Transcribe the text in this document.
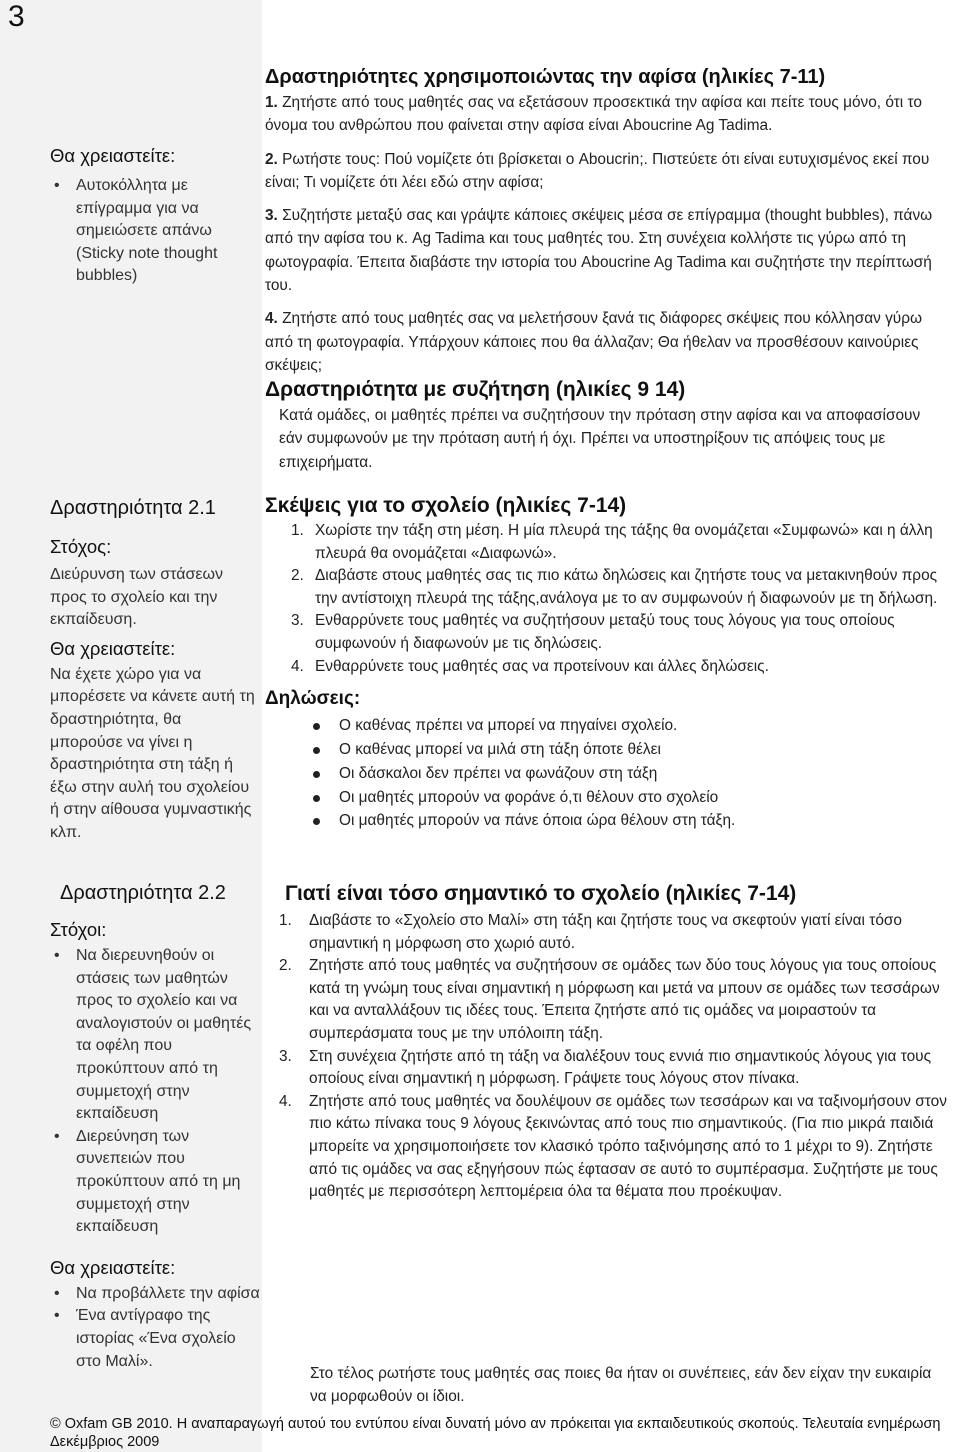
3
Θα χρειαστείτε:
• Αυτοκόλλητα με επίγραμμα για να σημειώσετε απάνω (Sticky note thought bubbles)
Δραστηριότητα 2.1
Στόχος:
Διεύρυνση των στάσεων προς το σχολείο και την εκπαίδευση.
Θα χρειαστείτε:
Να έχετε χώρο για να μπορέσετε να κάνετε αυτή τη δραστηριότητα, θα μπορούσε να γίνει η δραστηριότητα στη τάξη ή έξω στην αυλή του σχολείου ή στην αίθουσα γυμναστικής κλπ.
Δραστηριότητα 2.2
Στόχοι:
• Να διερευνηθούν οι στάσεις των μαθητών προς το σχολείο και να αναλογιστούν οι μαθητές τα οφέλη που προκύπτουν από τη συμμετοχή στην εκπαίδευση
• Διερεύνηση των συνεπειών που προκύπτουν από τη μη συμμετοχή στην εκπαίδευση
Θα χρειαστείτε:
• Να προβάλλετε την αφίσα
• Ένα αντίγραφο της ιστορίας «Ένα σχολείο στο Μαλί».
Δραστηριότητες χρησιμοποιώντας την αφίσα (ηλικίες 7-11)
1. Ζητήστε από τους μαθητές σας να εξετάσουν προσεκτικά την αφίσα και πείτε τους μόνο, ότι το όνομα του ανθρώπου που φαίνεται στην αφίσα είναι Aboucrine Ag Tadima.
2. Ρωτήστε τους: Πού νομίζετε ότι βρίσκεται ο Aboucrin;. Πιστεύετε ότι είναι ευτυχισμένος εκεί που είναι; Τι νομίζετε ότι λέει εδώ στην αφίσα;
3. Συζητήστε μεταξύ σας και γράψτε κάποιες σκέψεις μέσα σε επίγραμμα (thought bubbles), πάνω από την αφίσα του κ. Ag Tadima και τους μαθητές του. Στη συνέχεια κολλήστε τις γύρω από τη φωτογραφία. Έπειτα διαβάστε την ιστορία του Aboucrine Ag Tadima και συζητήστε την περίπτωσή του.
4. Ζητήστε από τους μαθητές σας να μελετήσουν ξανά τις διάφορες σκέψεις που κόλλησαν γύρω από τη φωτογραφία. Υπάρχουν κάποιες που θα άλλαζαν; Θα ήθελαν να προσθέσουν καινούριες σκέψεις;
Δραστηριότητα με συζήτηση (ηλικίες 9 14)
Κατά ομάδες, οι μαθητές πρέπει να συζητήσουν την πρόταση στην αφίσα και να αποφασίσουν εάν συμφωνούν με την πρόταση αυτή ή όχι. Πρέπει να υποστηρίξουν τις απόψεις τους με επιχειρήματα.
Σκέψεις για το σχολείο (ηλικίες 7-14)
1. Χωρίστε την τάξη στη μέση. Η μία πλευρά της τάξης θα ονομάζεται «Συμφωνώ» και η άλλη πλευρά θα ονομάζεται «Διαφωνώ».
2. Διαβάστε στους μαθητές σας τις πιο κάτω δηλώσεις και ζητήστε τους να μετακινηθούν προς την αντίστοιχη πλευρά της τάξης,ανάλογα με το αν συμφωνούν ή διαφωνούν με τη δήλωση.
3. Ενθαρρύνετε τους μαθητές να συζητήσουν μεταξύ τους τους λόγους για τους οποίους συμφωνούν ή διαφωνούν με τις δηλώσεις.
4. Ενθαρρύνετε τους μαθητές σας να προτείνουν και άλλες δηλώσεις.
Δηλώσεις:
Ο καθένας πρέπει να μπορεί να πηγαίνει σχολείο.
Ο καθένας μπορεί να μιλά στη τάξη όποτε θέλει
Οι δάσκαλοι δεν πρέπει να φωνάζουν στη τάξη
Οι μαθητές μπορούν να φοράνε ό,τι θέλουν στο σχολείο
Οι μαθητές μπορούν να πάνε όποια ώρα θέλουν στη τάξη.
Γιατί είναι τόσο σημαντικό το σχολείο (ηλικίες 7-14)
1. Διαβάστε το «Σχολείο στο Μαλί» στη τάξη και ζητήστε τους να σκεφτούν γιατί είναι τόσο σημαντική η μόρφωση στο χωριό αυτό.
2. Ζητήστε από τους μαθητές να συζητήσουν σε ομάδες των δύο τους λόγους για τους οποίους κατά τη γνώμη τους είναι σημαντική η μόρφωση και μετά να μπουν σε ομάδες των τεσσάρων και να ανταλλάξουν τις ιδέες τους. Έπειτα ζητήστε από τις ομάδες να μοιραστούν τα συμπεράσματα τους με την υπόλοιπη τάξη.
3. Στη συνέχεια ζητήστε από τη τάξη να διαλέξουν τους εννιά πιο σημαντικούς λόγους για τους οποίους είναι σημαντική η μόρφωση. Γράψετε τους λόγους στον πίνακα.
4. Ζητήστε από τους μαθητές να δουλέψουν σε ομάδες των τεσσάρων και να ταξινομήσουν στον πιο κάτω πίνακα τους 9 λόγους ξεκινώντας από τους πιο σημαντικούς. (Για πιο μικρά παιδιά μπορείτε να χρησιμοποιήσετε τον κλασικό τρόπο ταξινόμησης από το 1 μέχρι το 9). Ζητήστε από τις ομάδες να σας εξηγήσουν πώς έφτασαν σε αυτό το συμπέρασμα. Συζητήστε με τους μαθητές με περισσότερη λεπτομέρεια όλα τα θέματα που προέκυψαν.
Στο τέλος ρωτήστε τους μαθητές σας ποιες θα ήταν οι συνέπειες, εάν δεν είχαν την ευκαιρία να μορφωθούν οι ίδιοι.
© Oxfam GB 2010. Η αναπαραγωγή αυτού του εντύπου είναι δυνατή μόνο αν πρόκειται για εκπαιδευτικούς σκοπούς. Τελευταία ενημέρωση Δεκέμβριος 2009
